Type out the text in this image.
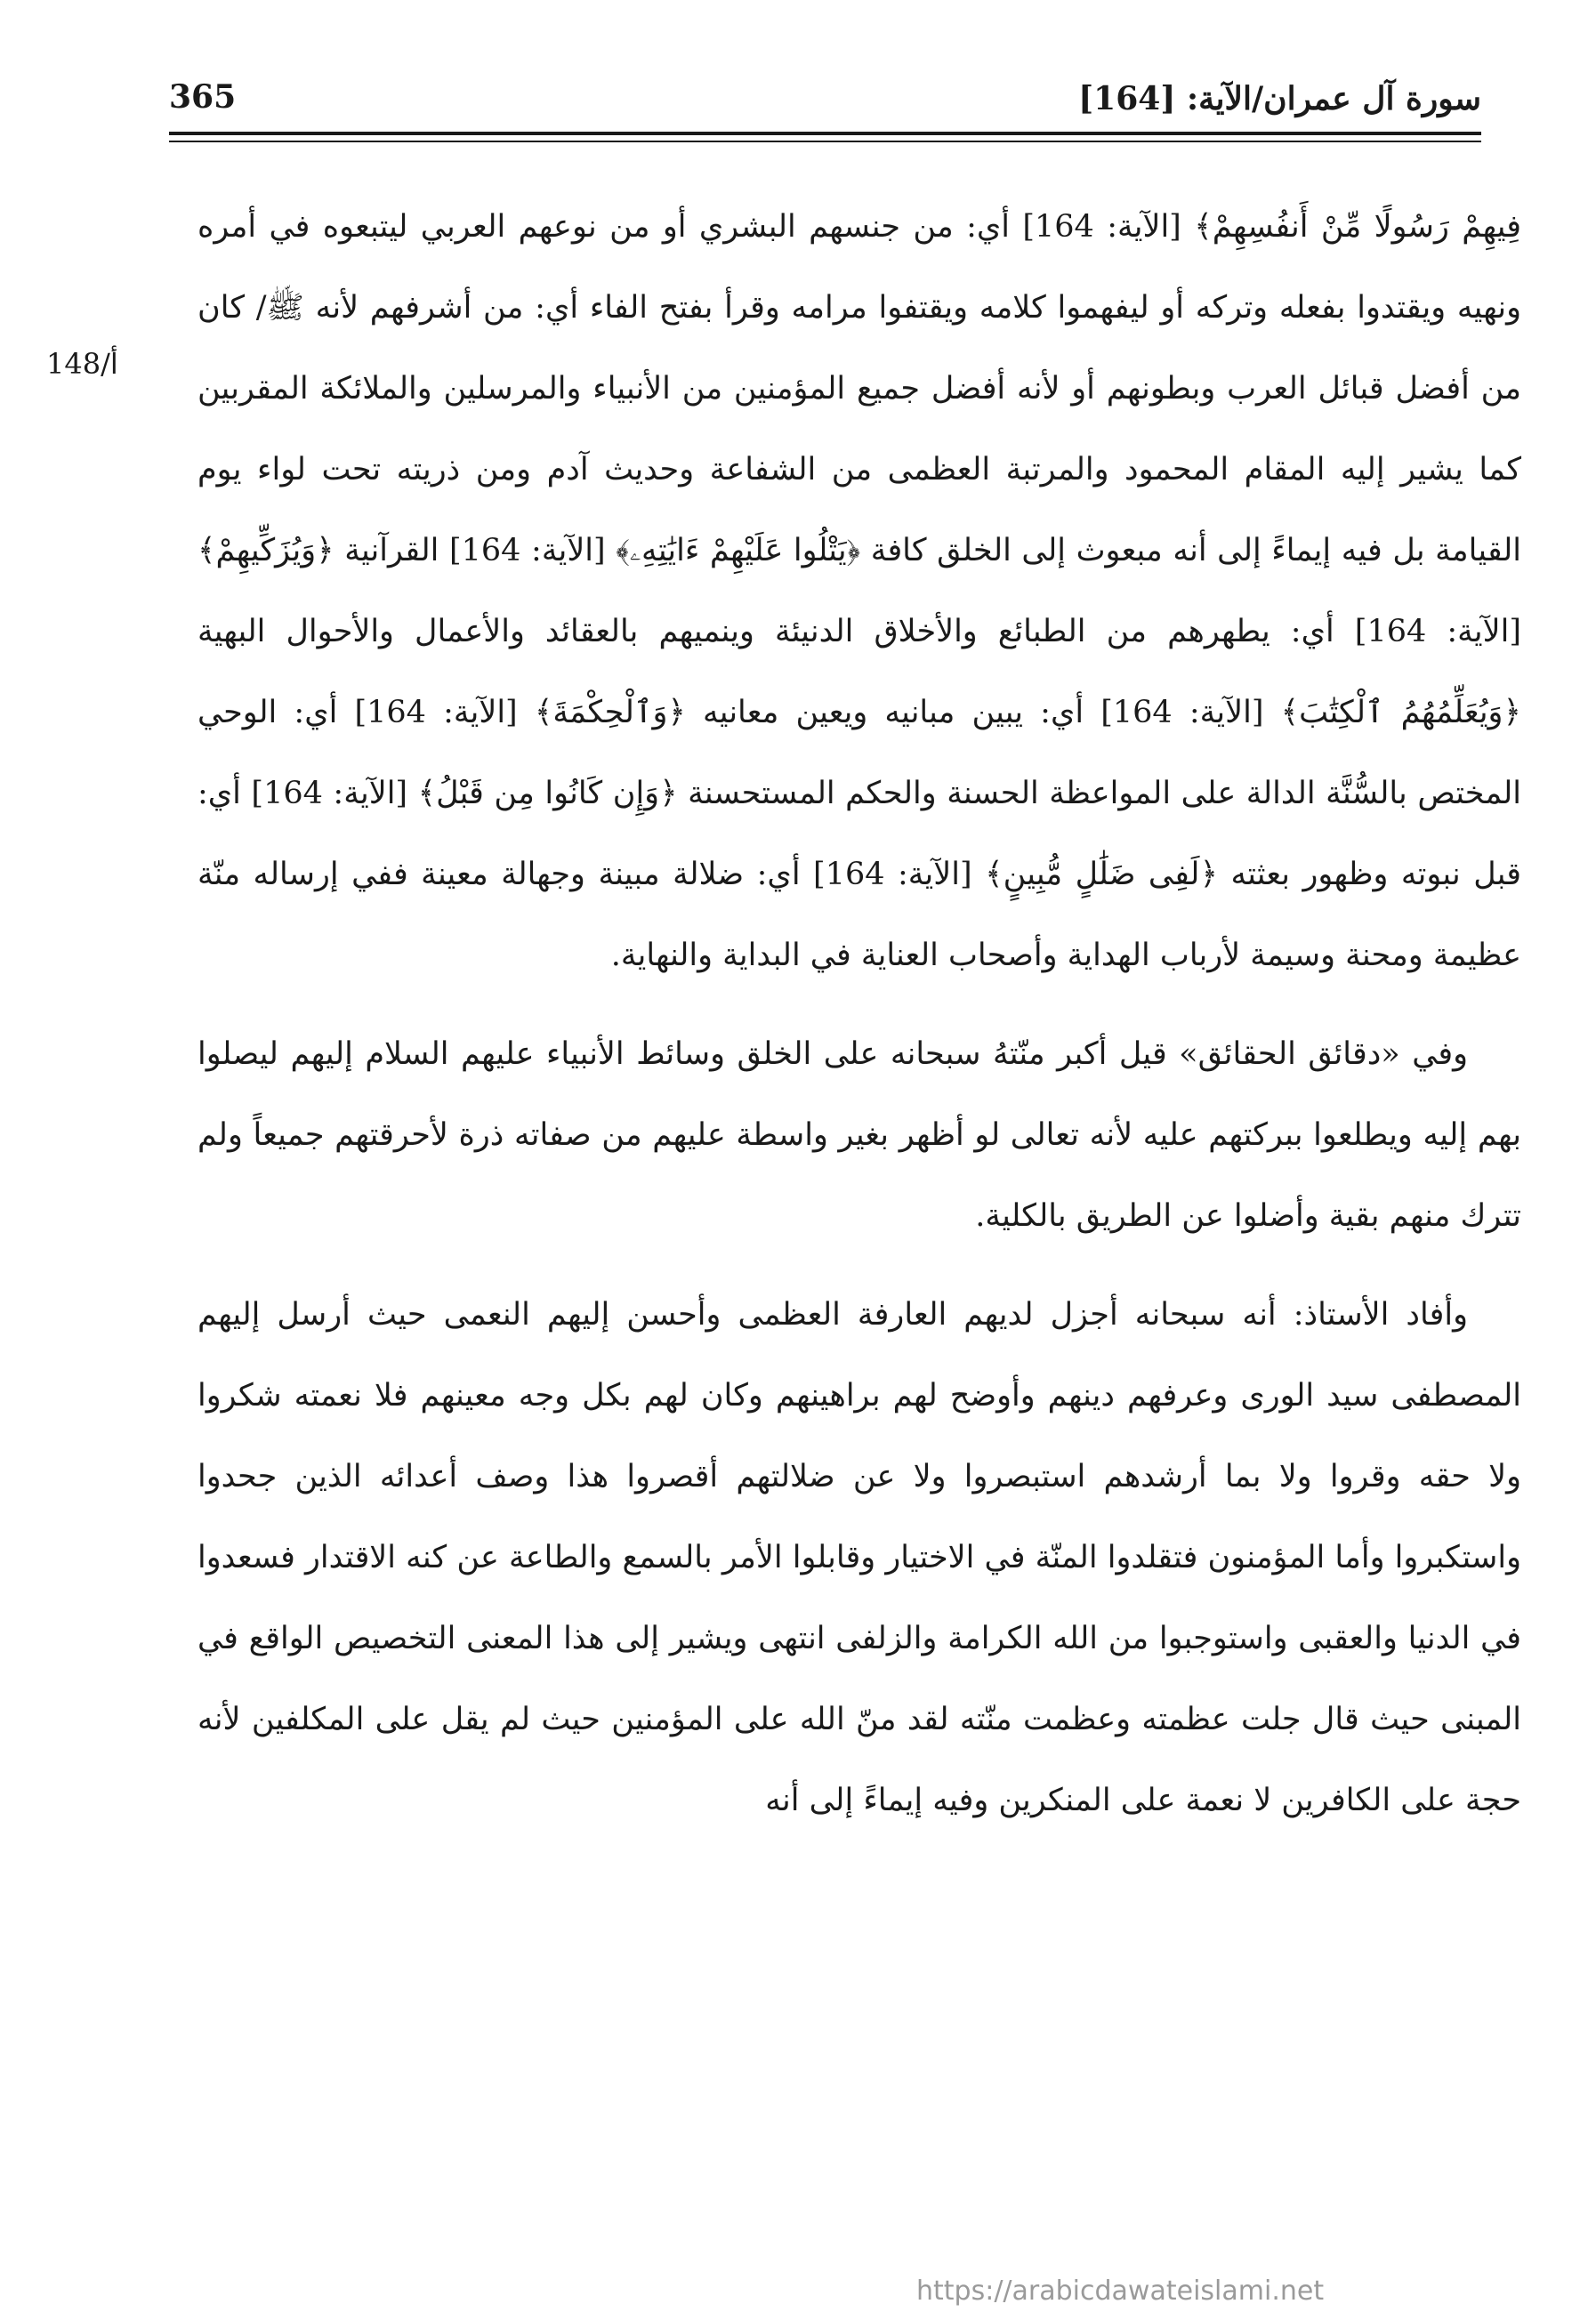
سورة آل عمران/الآية: [164]
365
148/أ

فِيهِمْ رَسُولًا مِّنْ أَنفُسِهِمْ﴾ [الآية: 164] أي: من جنسهم البشري أو من نوعهم العربي ليتبعوه في أمره ونهيه ويقتدوا بفعله وتركه أو ليفهموا كلامه ويقتفوا مرامه وقرأ بفتح الفاء أي: من أشرفهم لأنه ﷺ/ كان من أفضل قبائل العرب وبطونهم أو لأنه أفضل جميع المؤمنين من الأنبياء والمرسلين والملائكة المقربين كما يشير إليه المقام المحمود والمرتبة العظمى من الشفاعة وحديث آدم ومن ذريته تحت لواء يوم القيامة بل فيه إيماءً إلى أنه مبعوث إلى الخلق كافة ﴿يَتْلُوا عَلَيْهِمْ ءَايَٰتِهِۦ﴾ [الآية: 164] القرآنية ﴿وَيُزَكِّيهِمْ﴾ [الآية: 164] أي: يطهرهم من الطبائع والأخلاق الدنيئة وينميهم بالعقائد والأعمال والأحوال البهية ﴿وَيُعَلِّمُهُمُ ٱلْكِتَٰبَ﴾ [الآية: 164] أي: يبين مبانيه ويعين معانيه ﴿وَٱلْحِكْمَةَ﴾ [الآية: 164] أي: الوحي المختص بالسُّنَّة الدالة على المواعظة الحسنة والحكم المستحسنة ﴿وَإِن كَانُوا مِن قَبْلُ﴾ [الآية: 164] أي: قبل نبوته وظهور بعثته ﴿لَفِى ضَلَٰلٍ مُّبِينٍ﴾ [الآية: 164] أي: ضلالة مبينة وجهالة معينة ففي إرساله منّة عظيمة ومحنة وسيمة لأرباب الهداية وأصحاب العناية في البداية والنهاية.

وفي «دقائق الحقائق» قيل أكبر منّتهُ سبحانه على الخلق وسائط الأنبياء عليهم السلام إليهم ليصلوا بهم إليه ويطلعوا ببركتهم عليه لأنه تعالى لو أظهر بغير واسطة عليهم من صفاته ذرة لأحرقتهم جميعاً ولم تترك منهم بقية وأضلوا عن الطريق بالكلية.

وأفاد الأستاذ: أنه سبحانه أجزل لديهم العارفة العظمى وأحسن إليهم النعمى حيث أرسل إليهم المصطفى سيد الورى وعرفهم دينهم وأوضح لهم براهينهم وكان لهم بكل وجه معينهم فلا نعمته شكروا ولا حقه وقروا ولا بما أرشدهم استبصروا ولا عن ضلالتهم أقصروا هذا وصف أعدائه الذين جحدوا واستكبروا وأما المؤمنون فتقلدوا المنّة في الاختيار وقابلوا الأمر بالسمع والطاعة عن كنه الاقتدار فسعدوا في الدنيا والعقبى واستوجبوا من الله الكرامة والزلفى انتهى ويشير إلى هذا المعنى التخصيص الواقع في المبنى حيث قال جلت عظمته وعظمت منّته لقد منّ الله على المؤمنين حيث لم يقل على المكلفين لأنه حجة على الكافرين لا نعمة على المنكرين وفيه إيماءً إلى أنه

https://arabicdawateislami.net
